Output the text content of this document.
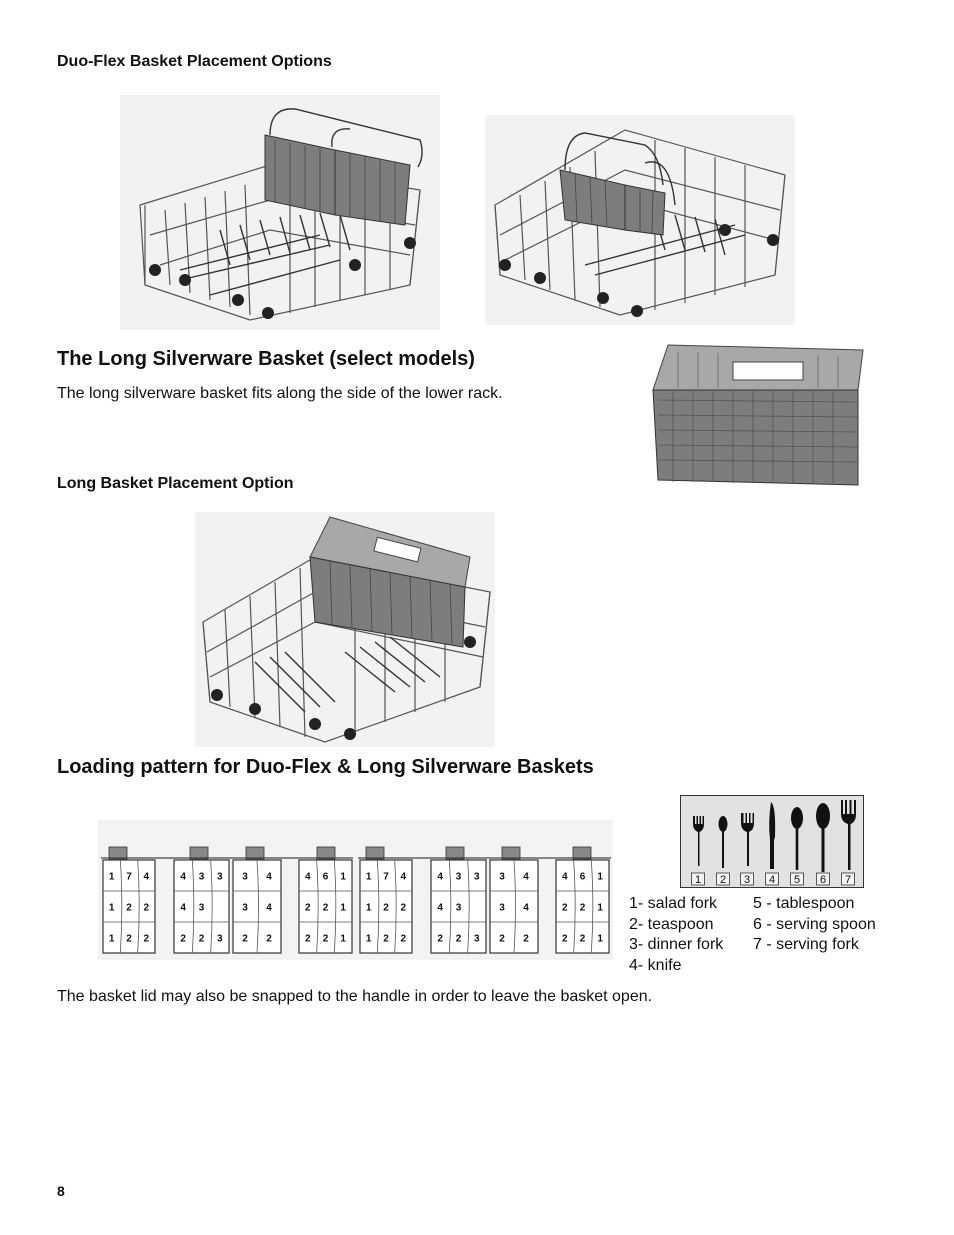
Duo-Flex Basket Placement Options
The Long Silverware Basket (select models)

The long silverware basket fits along the side of the lower rack.

Long Basket Placement Option
Loading pattern for Duo-Flex & Long Silverware Baskets
1 7 4
1 2 2
1 2 2
4 3 3
4 3
2 2 3
3 4
3 4
2 2
4 6 1
2 2 1
2 2 1
1 7 4
1 2 2
1 2 2
4 3 3
4 3
2 2 3
3 4
3 4
2 2
4 6 1
2 2 1
2 2 1
1 2 3 4 5 6 7
1- salad fork
2- teaspoon
3- dinner fork
4- knife
5 - tablespoon
6 - serving spoon
7 - serving fork

The basket lid may also be snapped to the handle in order to leave the basket open.

8
